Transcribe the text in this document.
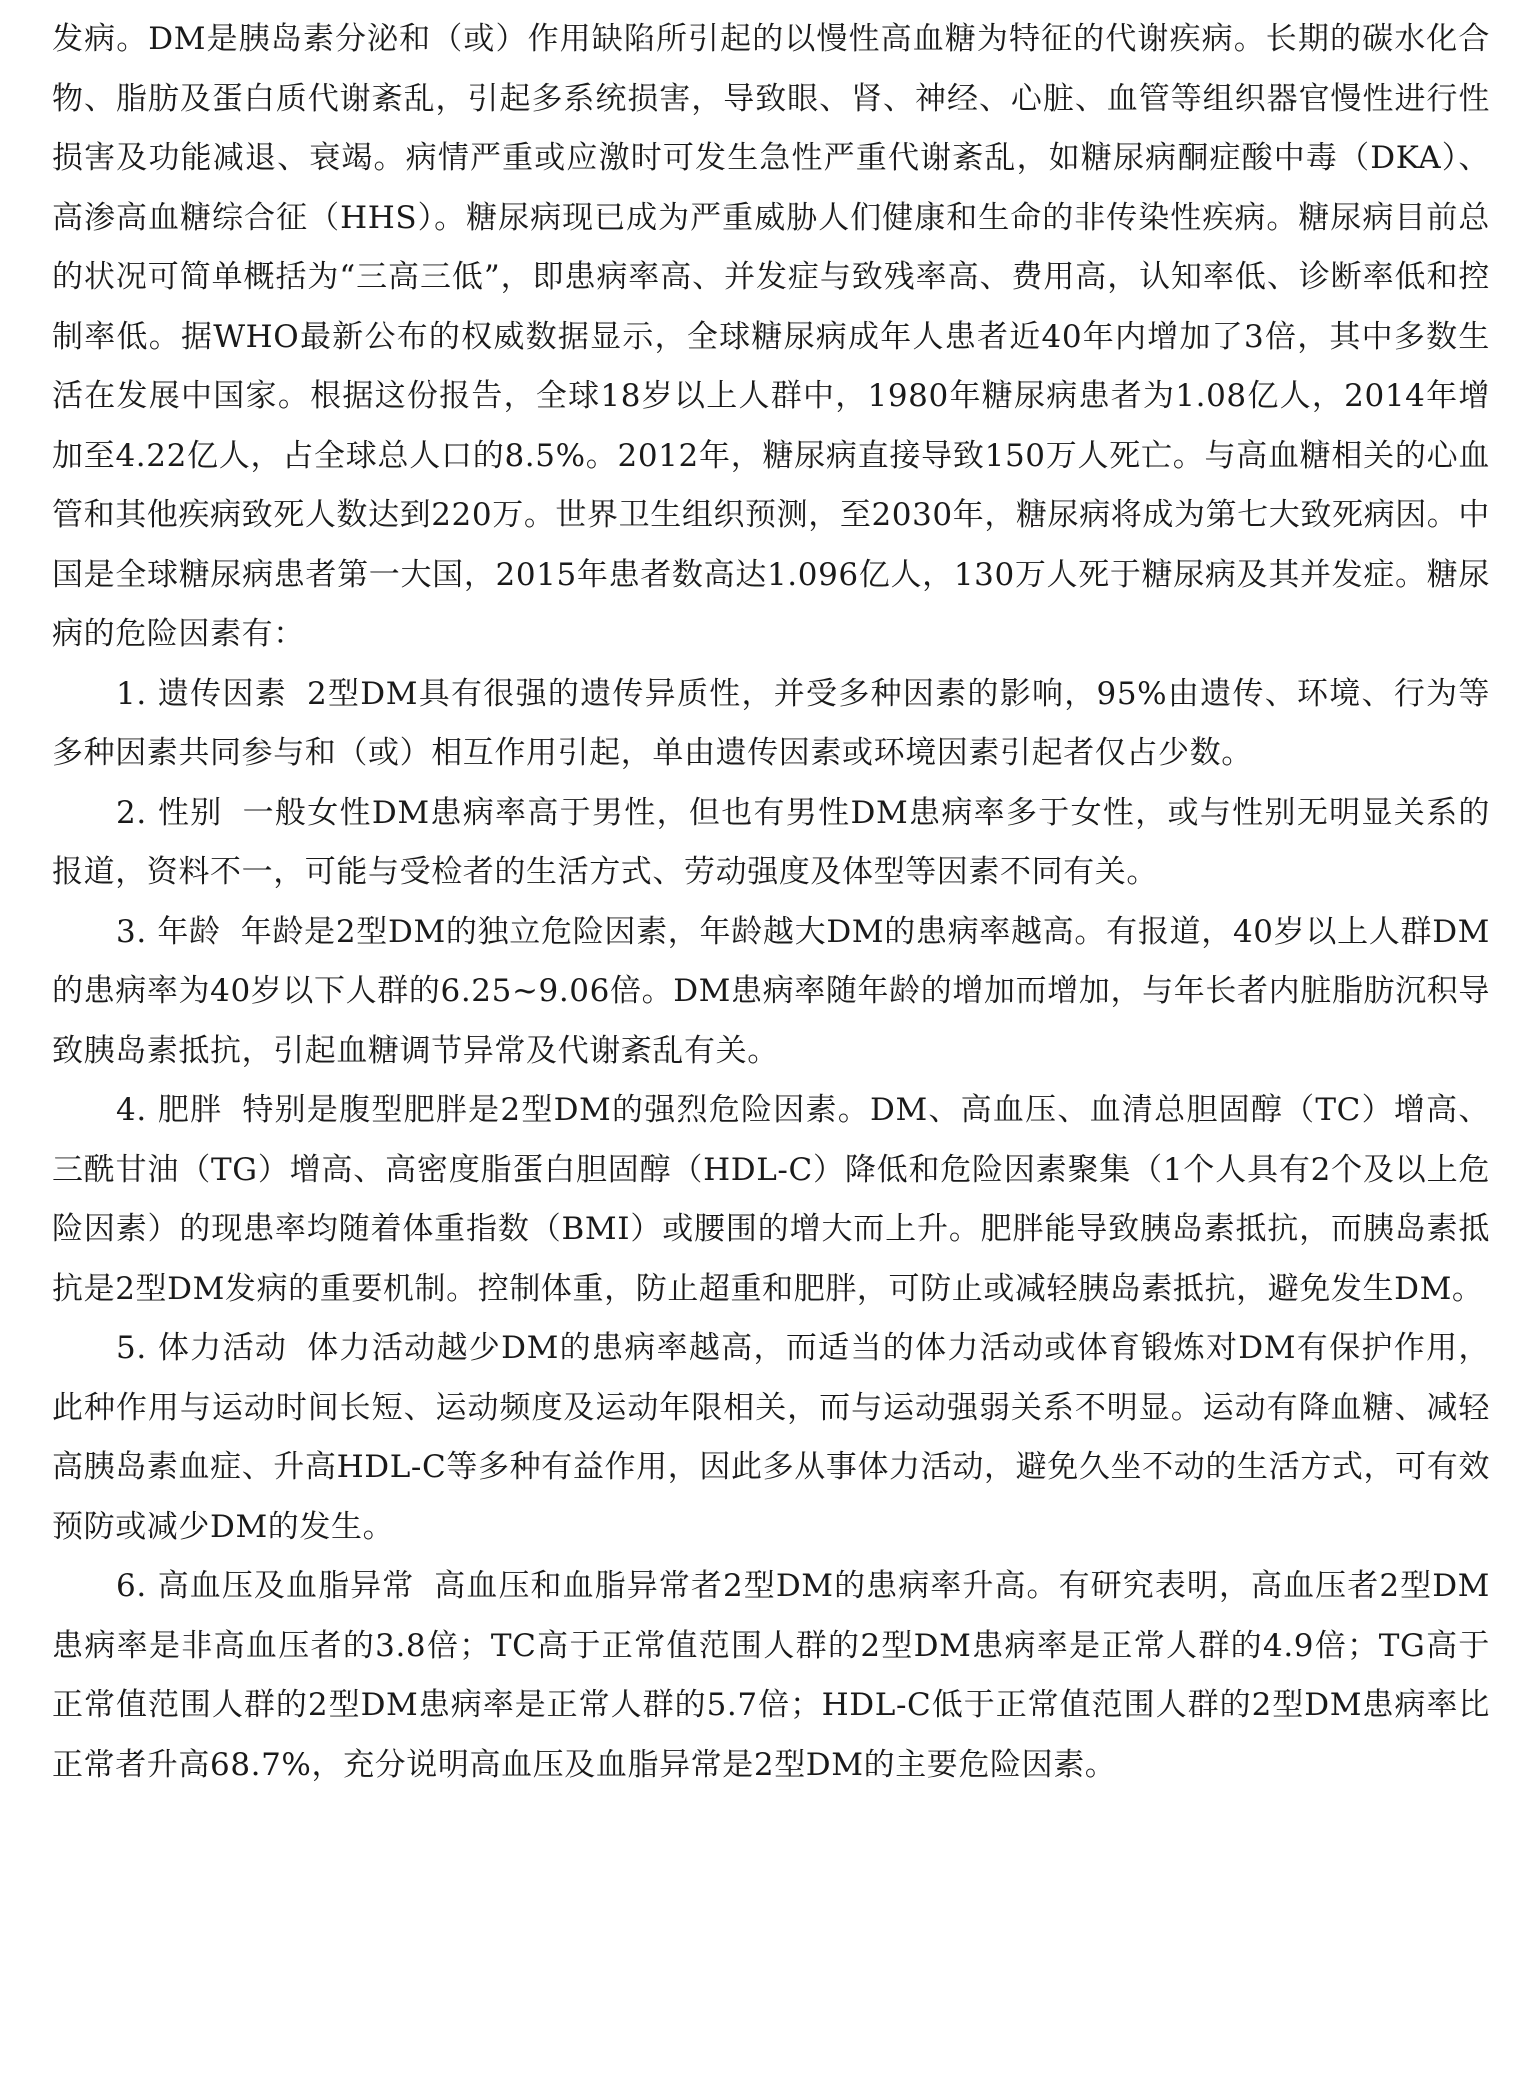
发病。DM是胰岛素分泌和（或）作用缺陷所引起的以慢性高血糖为特征的代谢疾病。长期的碳水化合物、脂肪及蛋白质代谢紊乱，引起多系统损害，导致眼、肾、神经、心脏、血管等组织器官慢性进行性损害及功能减退、衰竭。病情严重或应激时可发生急性严重代谢紊乱，如糖尿病酮症酸中毒（DKA）、高渗高血糖综合征（HHS）。糖尿病现已成为严重威胁人们健康和生命的非传染性疾病。糖尿病目前总的状况可简单概括为“三高三低”，即患病率高、并发症与致残率高、费用高，认知率低、诊断率低和控制率低。据WHO最新公布的权威数据显示，全球糖尿病成年人患者近40年内增加了3倍，其中多数生活在发展中国家。根据这份报告，全球18岁以上人群中，1980年糖尿病患者为1.08亿人，2014年增加至4.22亿人，占全球总人口的8.5%。2012年，糖尿病直接导致150万人死亡。与高血糖相关的心血管和其他疾病致死人数达到220万。世界卫生组织预测，至2030年，糖尿病将成为第七大致死病因。中国是全球糖尿病患者第一大国，2015年患者数高达1.096亿人，130万人死于糖尿病及其并发症。糖尿病的危险因素有：

1. 遗传因素 2型DM具有很强的遗传异质性，并受多种因素的影响，95%由遗传、环境、行为等多种因素共同参与和（或）相互作用引起，单由遗传因素或环境因素引起者仅占少数。

2. 性别 一般女性DM患病率高于男性，但也有男性DM患病率多于女性，或与性别无明显关系的报道，资料不一，可能与受检者的生活方式、劳动强度及体型等因素不同有关。

3. 年龄 年龄是2型DM的独立危险因素，年龄越大DM的患病率越高。有报道，40岁以上人群DM的患病率为40岁以下人群的6.25~9.06倍。DM患病率随年龄的增加而增加，与年长者内脏脂肪沉积导致胰岛素抵抗，引起血糖调节异常及代谢紊乱有关。

4. 肥胖 特别是腹型肥胖是2型DM的强烈危险因素。DM、高血压、血清总胆固醇（TC）增高、三酰甘油（TG）增高、高密度脂蛋白胆固醇（HDL-C）降低和危险因素聚集（1个人具有2个及以上危险因素）的现患率均随着体重指数（BMI）或腰围的增大而上升。肥胖能导致胰岛素抵抗，而胰岛素抵抗是2型DM发病的重要机制。控制体重，防止超重和肥胖，可防止或减轻胰岛素抵抗，避免发生DM。

5. 体力活动 体力活动越少DM的患病率越高，而适当的体力活动或体育锻炼对DM有保护作用，此种作用与运动时间长短、运动频度及运动年限相关，而与运动强弱关系不明显。运动有降血糖、减轻高胰岛素血症、升高HDL-C等多种有益作用，因此多从事体力活动，避免久坐不动的生活方式，可有效预防或减少DM的发生。

6. 高血压及血脂异常 高血压和血脂异常者2型DM的患病率升高。有研究表明，高血压者2型DM患病率是非高血压者的3.8倍；TC高于正常值范围人群的2型DM患病率是正常人群的4.9倍；TG高于正常值范围人群的2型DM患病率是正常人群的5.7倍；HDL-C低于正常值范围人群的2型DM患病率比正常者升高68.7%，充分说明高血压及血脂异常是2型DM的主要危险因素。
